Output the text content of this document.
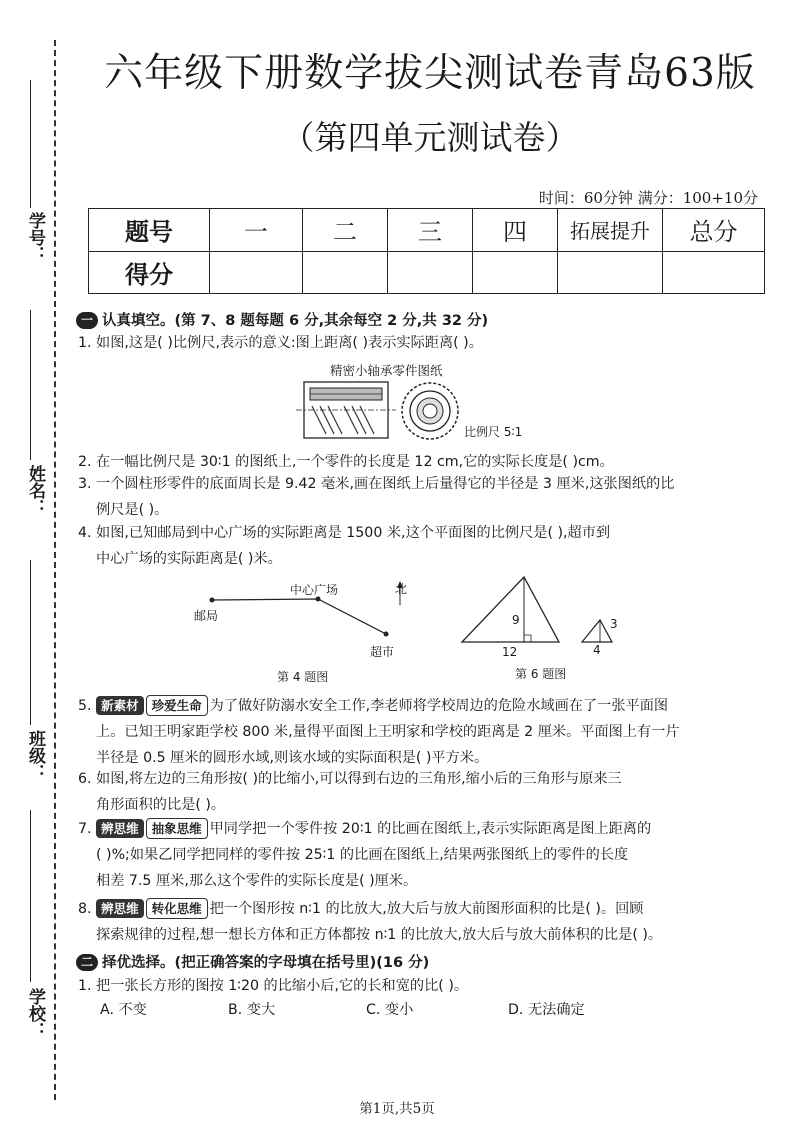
学号：
姓名：
班级：
学校：
六年级下册数学拔尖测试卷青岛63版
（第四单元测试卷）
时间：60分钟 满分：100+10分
题号	一	二	三	四	拓展提升	总分
得分						
一 认真填空。(第 7、8 题每题 6 分,其余每空 2 分,共 32 分)

1. 如图,这是( )比例尺,表示的意义:图上距离( )表示实际距离( )。

精密小轴承零件图纸
比例尺 5∶1

2. 在一幅比例尺是 30∶1 的图纸上,一个零件的长度是 12 cm,它的实际长度是( )cm。

3. 一个圆柱形零件的底面周长是 9.42 毫米,画在图纸上后量得它的半径是 3 厘米,这张图纸的比

例尺是( )。

4. 如图,已知邮局到中心广场的实际距离是 1500 米,这个平面图的比例尺是( ),超市到

中心广场的实际距离是( )米。

邮局
中心广场	北
超市
第 4 题图
9
12
3
4
第 6 题图

5. 新素材 珍爱生命 为了做好防溺水安全工作,李老师将学校周边的危险水域画在了一张平面图

上。已知王明家距学校 800 米,量得平面图上王明家和学校的距离是 2 厘米。平面图上有一片

半径是 0.5 厘米的圆形水域,则该水域的实际面积是( )平方米。

6. 如图,将左边的三角形按( )的比缩小,可以得到右边的三角形,缩小后的三角形与原来三

角形面积的比是( )。

7. 辨思维 抽象思维 甲同学把一个零件按 20∶1 的比画在图纸上,表示实际距离是图上距离的

( )%;如果乙同学把同样的零件按 25∶1 的比画在图纸上,结果两张图纸上的零件的长度

相差 7.5 厘米,那么这个零件的实际长度是( )厘米。

8. 辨思维 转化思维 把一个图形按 n∶1 的比放大,放大后与放大前图形面积的比是( )。回顾

探索规律的过程,想一想长方体和正方体都按 n∶1 的比放大,放大后与放大前体积的比是( )。

二 择优选择。(把正确答案的字母填在括号里)(16 分)

1. 把一张长方形的图按 1∶20 的比缩小后,它的长和宽的比( )。

A. 不变	B. 变大	C. 变小	D. 无法确定
第1页,共5页
